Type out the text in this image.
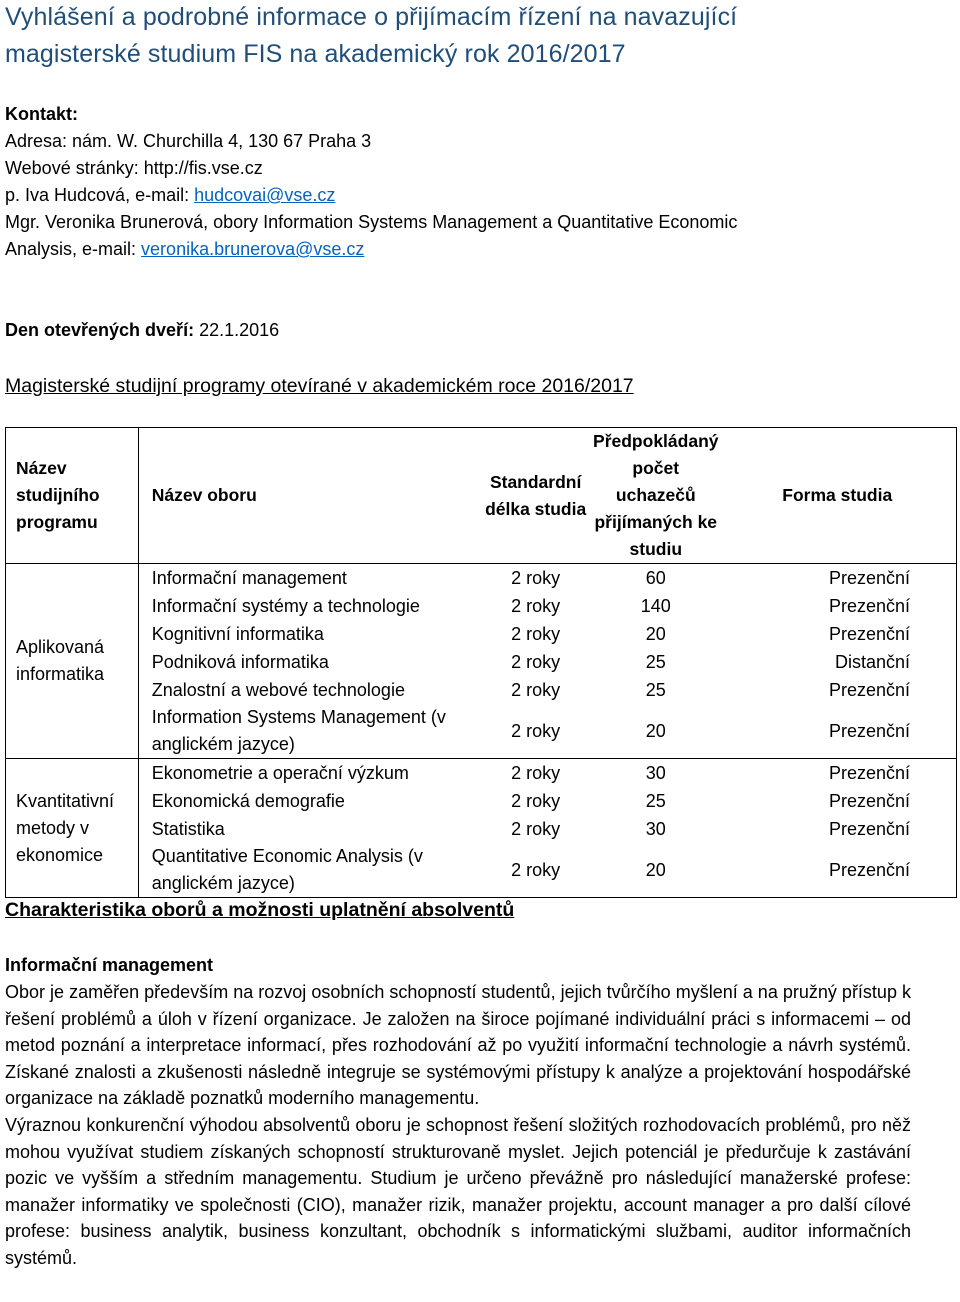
Vyhlášení a podrobné informace o přijímacím řízení na navazující

magisterské studium FIS na akademický rok 2016/2017

Kontakt:

Adresa: nám. W. Churchilla 4, 130 67 Praha 3

Webové stránky: http://fis.vse.cz

p. Iva Hudcová, e-mail: hudcovai@vse.cz

Mgr. Veronika Brunerová, obory Information Systems Management a Quantitative Economic

Analysis, e-mail: veronika.brunerova@vse.cz

Den otevřených dveří: 22.1.2016

Magisterské studijní programy otevírané v akademickém roce 2016/2017

Název studijního programu	Název oboru	Standardní délka studia	Předpokládaný počet uchazečů přijímaných ke studiu	Forma studia
Aplikovaná informatika	Informační management	2 roky	60	Prezenční
	Informační systémy a technologie	2 roky	140	Prezenční
	Kognitivní informatika	2 roky	20	Prezenční
	Podniková informatika	2 roky	25	Distanční
	Znalostní a webové technologie	2 roky	25	Prezenční
	Information Systems Management (v anglickém jazyce)	2 roky	20	Prezenční
Kvantitativní metody v ekonomice	Ekonometrie a operační výzkum	2 roky	30	Prezenční
	Ekonomická demografie	2 roky	25	Prezenční
	Statistika	2 roky	30	Prezenční
	Quantitative Economic Analysis (v anglickém jazyce)	2 roky	20	Prezenční

Charakteristika oborů a možnosti uplatnění absolventů

Informační management

Obor je zaměřen především na rozvoj osobních schopností studentů, jejich tvůrčího myšlení a na pružný přístup k řešení problémů a úloh v řízení organizace. Je založen na široce pojímané individuální práci s informacemi – od metod poznání a interpretace informací, přes rozhodování až po využití informační technologie a návrh systémů. Získané znalosti a zkušenosti následně integruje se systémovými přístupy k analýze a projektování hospodářské organizace na základě poznatků moderního managementu.

Výraznou konkurenční výhodou absolventů oboru je schopnost řešení složitých rozhodovacích problémů, pro něž mohou využívat studiem získaných schopností strukturovaně myslet. Jejich potenciál je předurčuje k zastávání pozic ve vyšším a středním managementu. Studium je určeno převážně pro následující manažerské profese: manažer informatiky ve společnosti (CIO), manažer rizik, manažer projektu, account manager a pro další cílové profese: business analytik, business konzultant, obchodník s informatickými službami, auditor informačních systémů.
